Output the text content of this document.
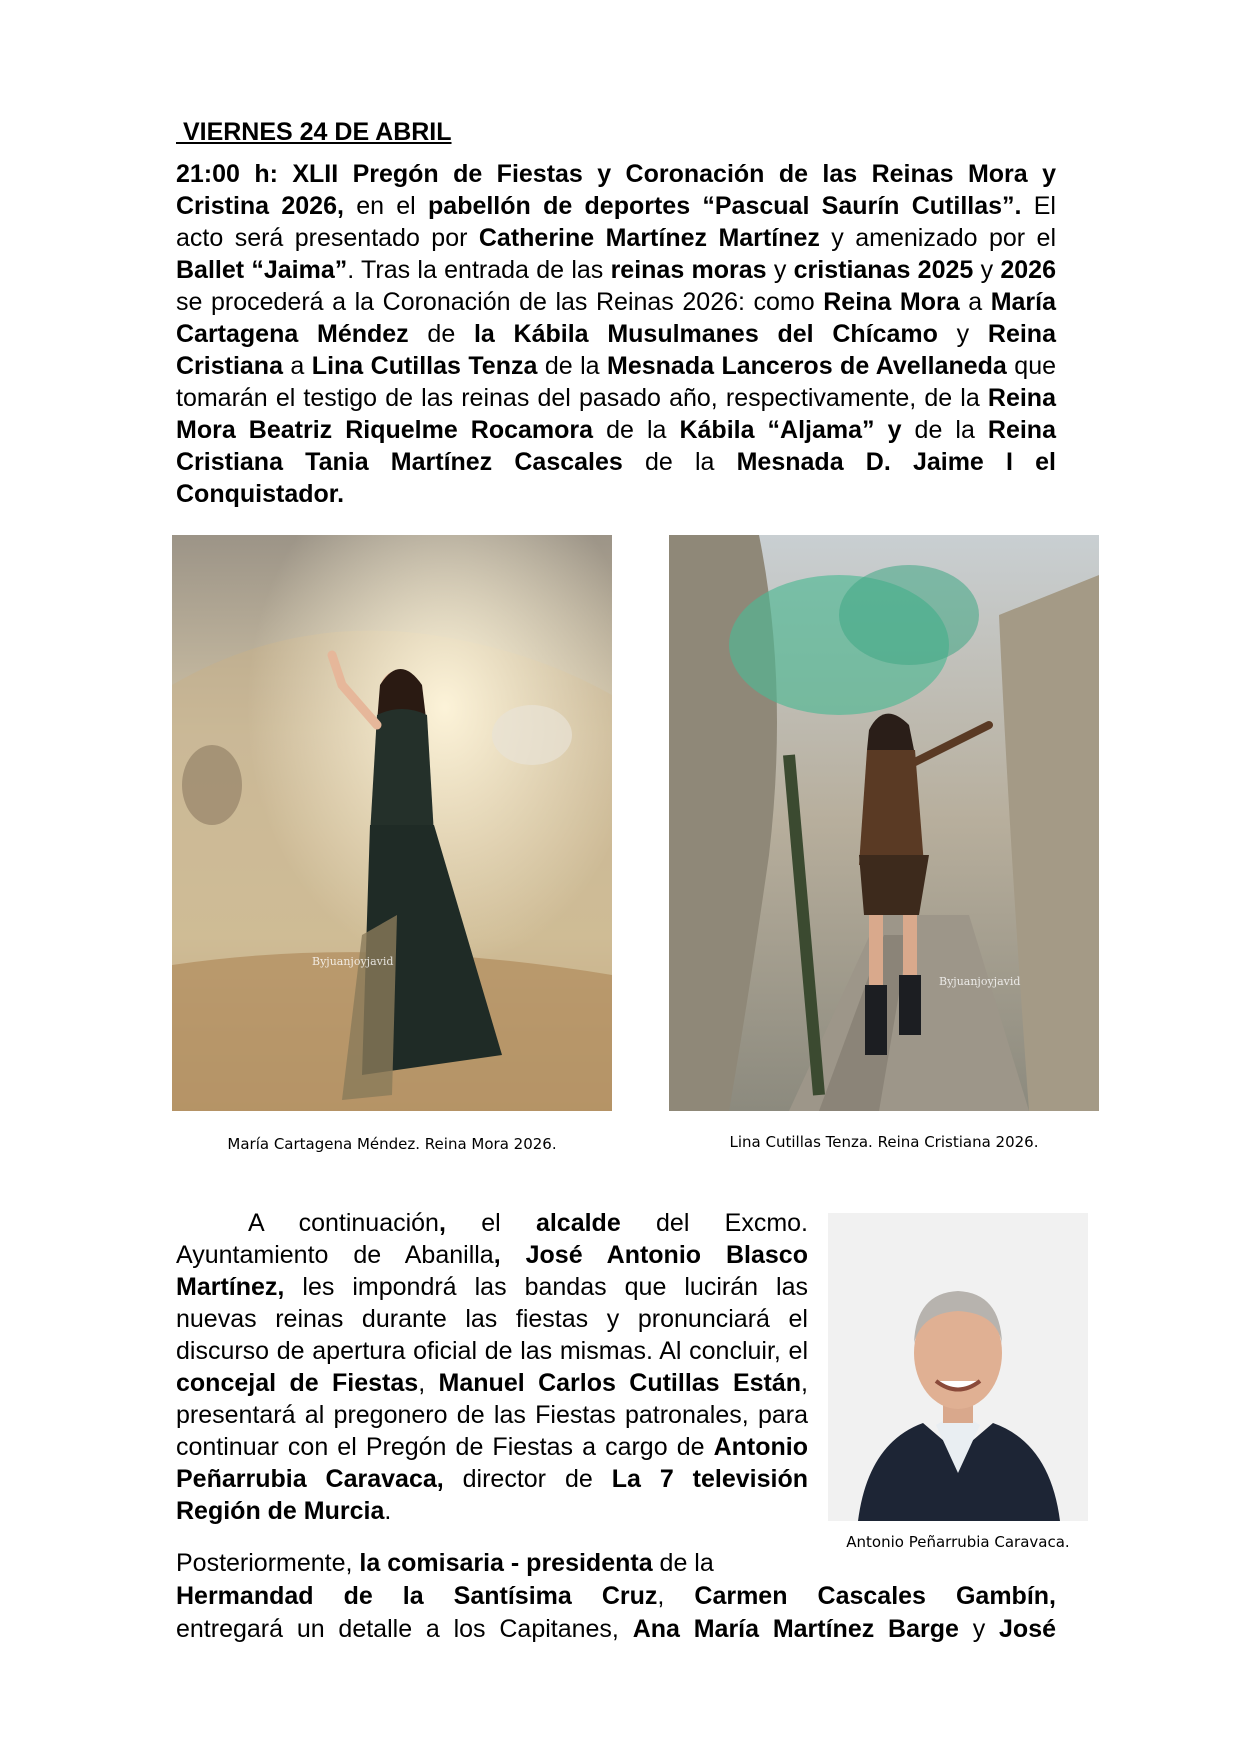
VIERNES 24 DE ABRIL

21:00 h: XLII Pregón de Fiestas y Coronación de las Reinas Mora y Cristina 2026, en el pabellón de deportes “Pascual Saurín Cutillas”. El acto será presentado por Catherine Martínez Martínez y amenizado por el Ballet “Jaima”. Tras la entrada de las reinas moras y cristianas 2025 y 2026 se procederá a la Coronación de las Reinas 2026: como Reina Mora a María Cartagena Méndez de la Kábila Musulmanes del Chícamo y Reina Cristiana a Lina Cutillas Tenza de la Mesnada Lanceros de Avellaneda que tomarán el testigo de las reinas del pasado año, respectivamente, de la Reina Mora Beatriz Riquelme Rocamora de la Kábila “Aljama” y de la Reina Cristiana Tania Martínez Cascales de la Mesnada D. Jaime I el Conquistador.

Byjuanjoyjavid
Byjuanjoyjavid
María Cartagena Méndez. Reina Mora 2026.	Lina Cutillas Tenza. Reina Cristiana 2026.

A continuación, el alcalde del Excmo. Ayuntamiento de Abanilla, José Antonio Blasco Martínez, les impondrá las bandas que lucirán las nuevas reinas durante las fiestas y pronunciará el discurso de apertura oficial de las mismas. Al concluir, el concejal de Fiestas, Manuel Carlos Cutillas Están, presentará al pregonero de las Fiestas patronales, para continuar con el Pregón de Fiestas a cargo de Antonio Peñarrubia Caravaca, director de La 7 televisión Región de Murcia.

Antonio Peñarrubia Caravaca.
Posteriormente, la comisaria - presidenta de la
Hermandad de la Santísima Cruz, Carmen Cascales Gambín,
entregará un detalle a los Capitanes, Ana María Martínez Barge y José
